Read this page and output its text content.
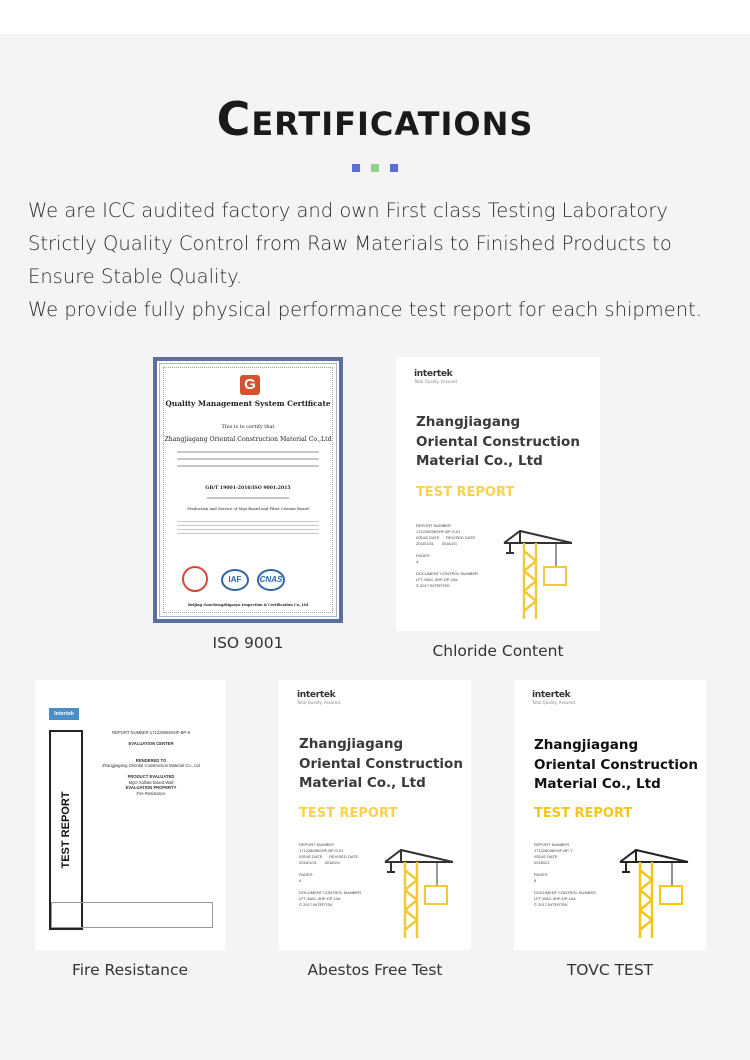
Certifications

We are ICC audited factory and own First class Testing Laboratory

Strictly Quality Control from Raw Materials to Finished Products to

Ensure Stable Quality.

We provide fully physical performance test report for each shipment.

G
Quality Management System Certificate
This is to certify that
Zhangjiagang Oriental Construction Material Co.,Ltd
GB/T 19001-2016/ISO 9001:2015
Production and Service of Mgo Board and Fiber Cement Board
IAF	CNAS
Beijing Guochengzhigaoyu Inspection & Certification Co.,Ltd
ISO 9001
intertek
Total Quality. Assured.
Zhangjiagang
Oriental Construction
Material Co., Ltd
TEST REPORT
REPORT NUMBER
171228056SHF-BP-S-01
ISSUE DATE REVISED DATE
2018/1/31       2018/2/1

PAGES
4

DOCUMENT CONTROL NUMBER
LFT-WAC-3HP-DP-10a
© 2017 INTERTEK
Chloride Content
Intertek
TEST REPORT
REPORT NUMBER:171229056SHF-BP-8

EVALUATION CENTER

RENDERED TO
Zhangjiagang Oriental Construction Material Co., Ltd

PRODUCT EVALUATED
MgO Sulfate Board Wall
EVALUATION PROPERTY
Fire Resistance
Fire Resistance
intertek
Total Quality. Assured.
Zhangjiagang
Oriental Construction
Material Co., Ltd
TEST REPORT
REPORT NUMBER
171228056SHF-BP-S-01
ISSUE DATE REVISED DATE
2018/1/31       2018/2/1

PAGES
4

DOCUMENT CONTROL NUMBER
LFT-WAC-3HP-DP-10a
© 2017 INTERTEK
Abestos Free Test
intertek
Total Quality. Assured.
Zhangjiagang
Oriental Construction
Material Co., Ltd
TEST REPORT
REPORT NUMBER
171228056SHF-BP-T
ISSUE DATE
2018/2/1

PAGES
8

DOCUMENT CONTROL NUMBER
LFT-WAC-3HP-DP-10a
© 2017 INTERTEK
TOVC TEST
